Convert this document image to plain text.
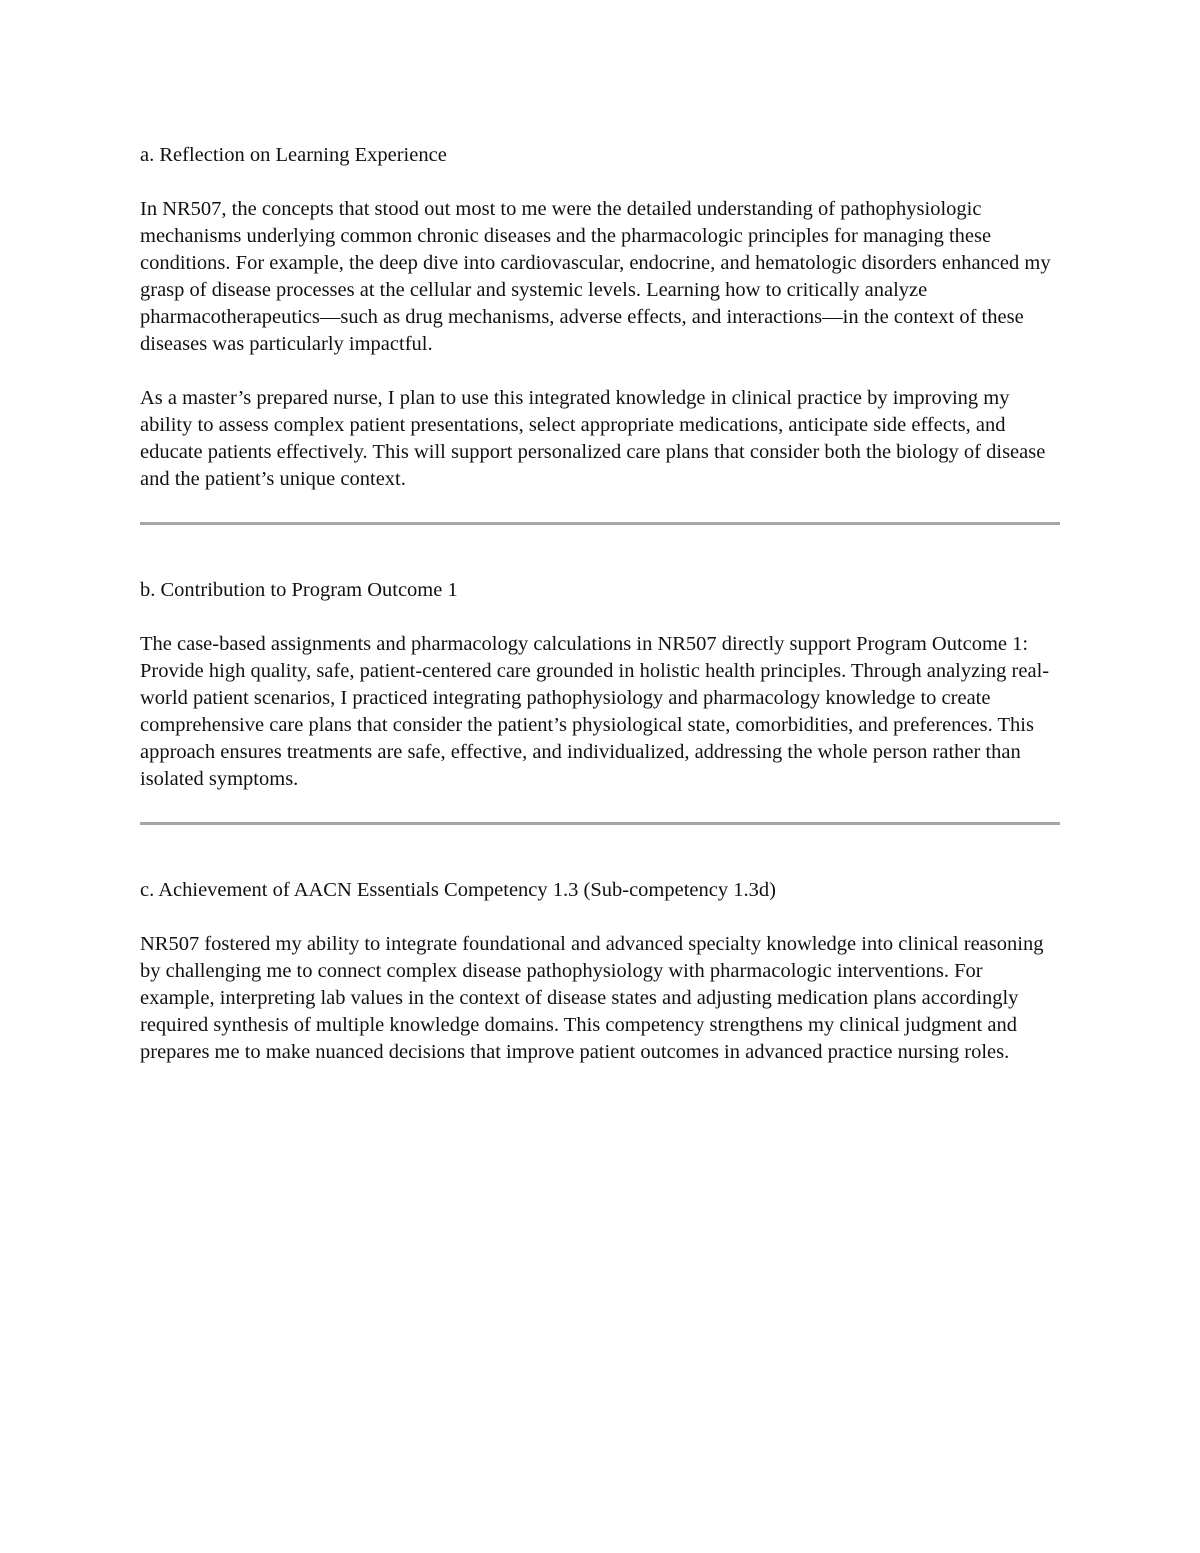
a. Reflection on Learning Experience

In NR507, the concepts that stood out most to me were the detailed understanding of pathophysiologic mechanisms underlying common chronic diseases and the pharmacologic principles for managing these conditions. For example, the deep dive into cardiovascular, endocrine, and hematologic disorders enhanced my grasp of disease processes at the cellular and systemic levels. Learning how to critically analyze pharmacotherapeutics—such as drug mechanisms, adverse effects, and interactions—in the context of these diseases was particularly impactful.

As a master’s prepared nurse, I plan to use this integrated knowledge in clinical practice by improving my ability to assess complex patient presentations, select appropriate medications, anticipate side effects, and educate patients effectively. This will support personalized care plans that consider both the biology of disease and the patient’s unique context.

b. Contribution to Program Outcome 1

The case-based assignments and pharmacology calculations in NR507 directly support Program Outcome 1: Provide high quality, safe, patient-centered care grounded in holistic health principles. Through analyzing real-world patient scenarios, I practiced integrating pathophysiology and pharmacology knowledge to create comprehensive care plans that consider the patient’s physiological state, comorbidities, and preferences. This approach ensures treatments are safe, effective, and individualized, addressing the whole person rather than isolated symptoms.

c. Achievement of AACN Essentials Competency 1.3 (Sub-competency 1.3d)

NR507 fostered my ability to integrate foundational and advanced specialty knowledge into clinical reasoning by challenging me to connect complex disease pathophysiology with pharmacologic interventions. For example, interpreting lab values in the context of disease states and adjusting medication plans accordingly required synthesis of multiple knowledge domains. This competency strengthens my clinical judgment and prepares me to make nuanced decisions that improve patient outcomes in advanced practice nursing roles.
